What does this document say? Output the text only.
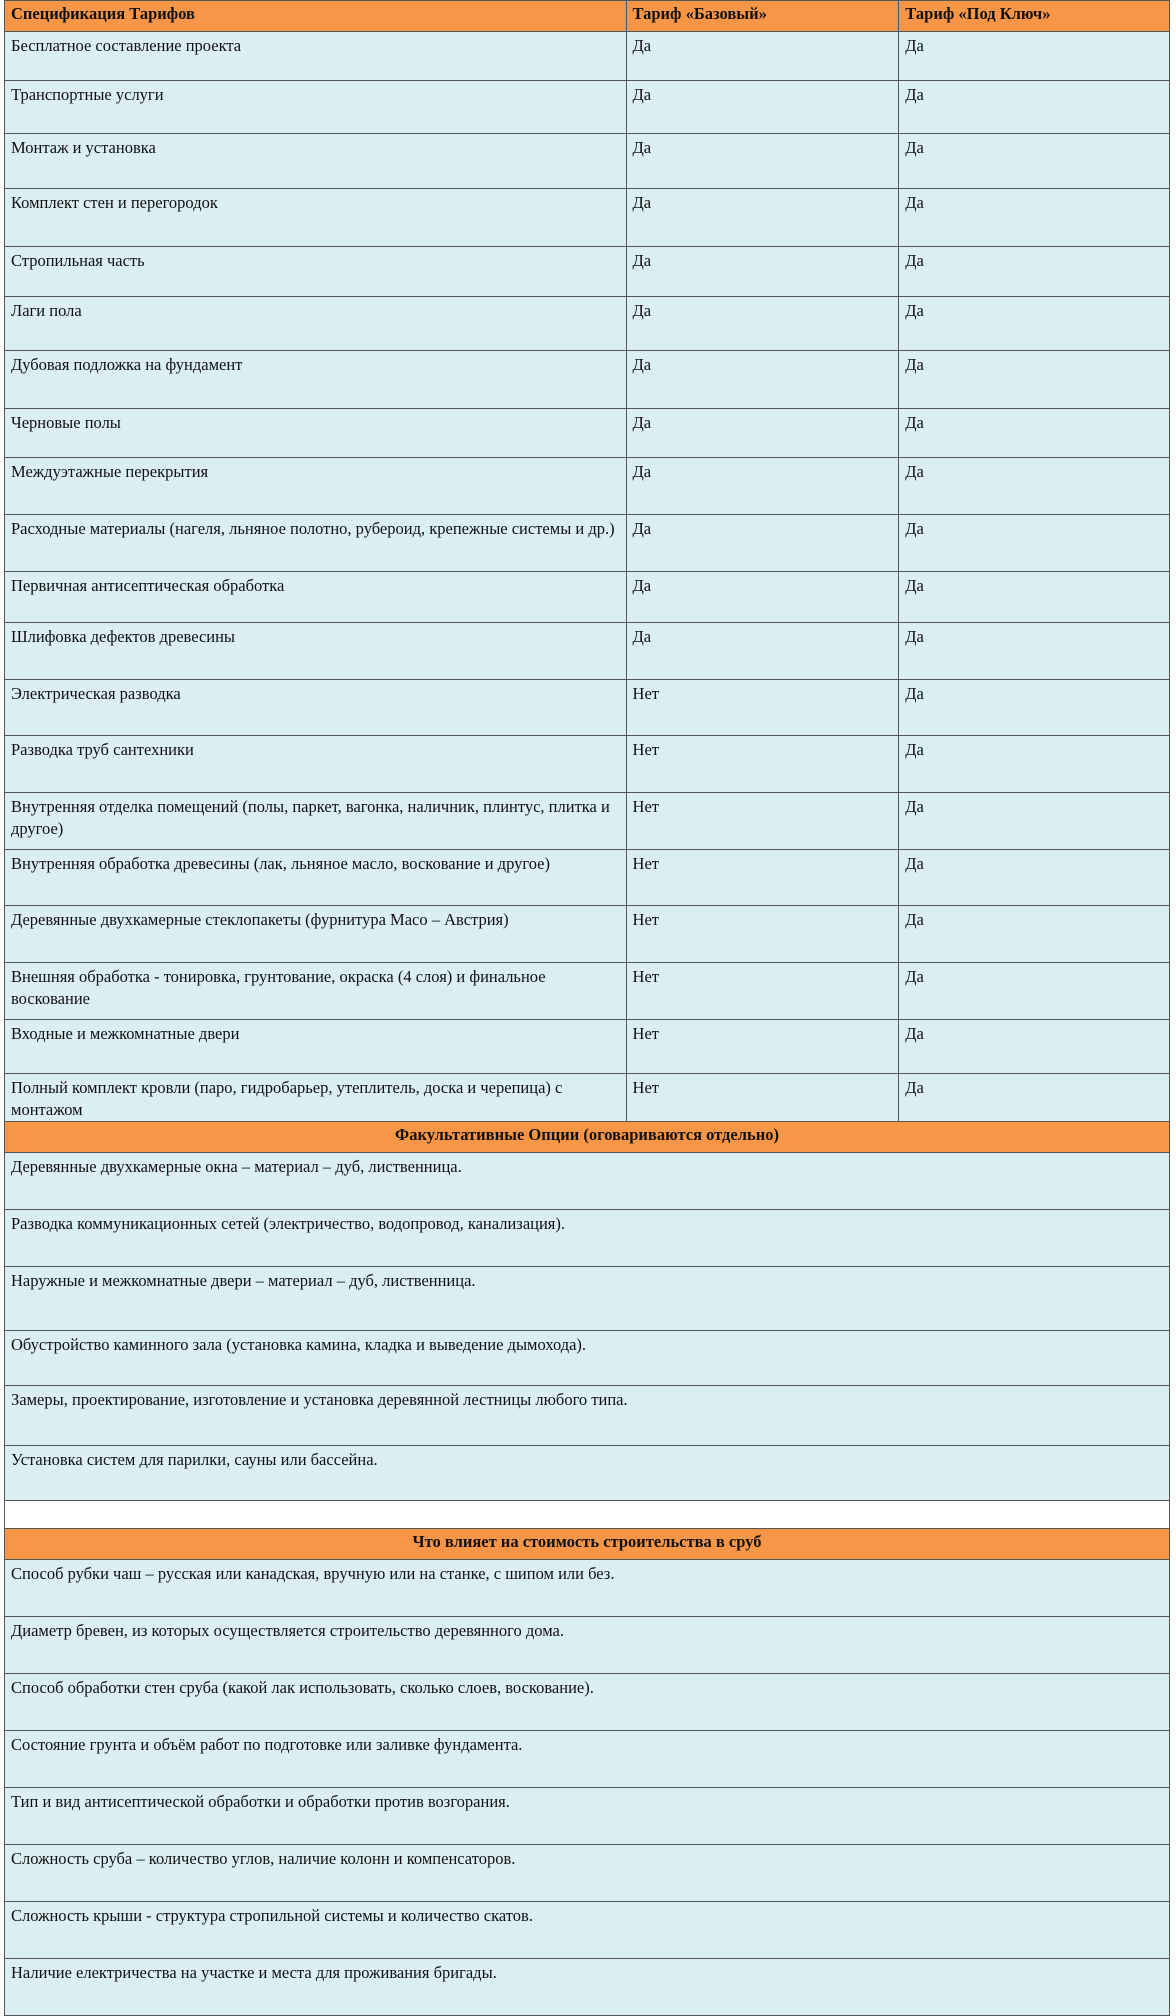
Спецификация Тарифов	Тариф «Базовый»	Тариф «Под Ключ»
Бесплатное составление проекта	Да	Да
Транспортные услуги	Да	Да
Монтаж и установка	Да	Да
Комплект стен и перегородок	Да	Да
Стропильная часть	Да	Да
Лаги пола	Да	Да
Дубовая подложка на фундамент	Да	Да
Черновые полы	Да	Да
Междуэтажные перекрытия	Да	Да
Расходные материалы (нагеля, льняное полотно, рубероид, крепежные системы и др.)	Да	Да
Первичная антисептическая обработка	Да	Да
Шлифовка дефектов древесины	Да	Да
Электрическая разводка	Нет	Да
Разводка труб сантехники	Нет	Да
Внутренняя отделка помещений (полы, паркет, вагонка, наличник, плинтус, плитка и другое)	Нет	Да
Внутренняя обработка древесины (лак, льняное масло, воскование и другое)	Нет	Да
Деревянные двухкамерные стеклопакеты (фурнитура Maco – Австрия)	Нет	Да
Внешняя обработка - тонировка, грунтование, окраска (4 слоя) и финальное воскование	Нет	Да
Входные и межкомнатные двери	Нет	Да
Полный комплект кровли (паро, гидробарьер, утеплитель, доска и черепица) с монтажом	Нет	Да
Факультативные Опции (оговариваются отдельно)		
Деревянные двухкамерные окна – материал – дуб, лиственница.		
Разводка коммуникационных сетей (электричество, водопровод, канализация).		
Наружные и межкомнатные двери – материал – дуб, лиственница.		
Обустройство каминного зала (установка камина, кладка и выведение дымохода).		
Замеры, проектирование, изготовление и установка деревянной лестницы любого типа.		
Установка систем для парилки, сауны или бассейна.		

Что влияет на стоимость строительства в сруб		
Способ рубки чаш – русская или канадская, вручную или на станке, с шипом или без.		
Диаметр бревен, из которых осуществляется строительство деревянного дома.		
Способ обработки стен сруба (какой лак использовать, сколько слоев, воскование).		
Состояние грунта и объём работ по подготовке или заливке фундамента.		
Тип и вид антисептической обработки и обработки против возгорания.		
Сложность сруба – количество углов, наличие колонн и компенсаторов.		
Сложность крыши - структура стропильной системы и количество скатов.		
Наличие електричества на участке и места для проживания бригады.		
